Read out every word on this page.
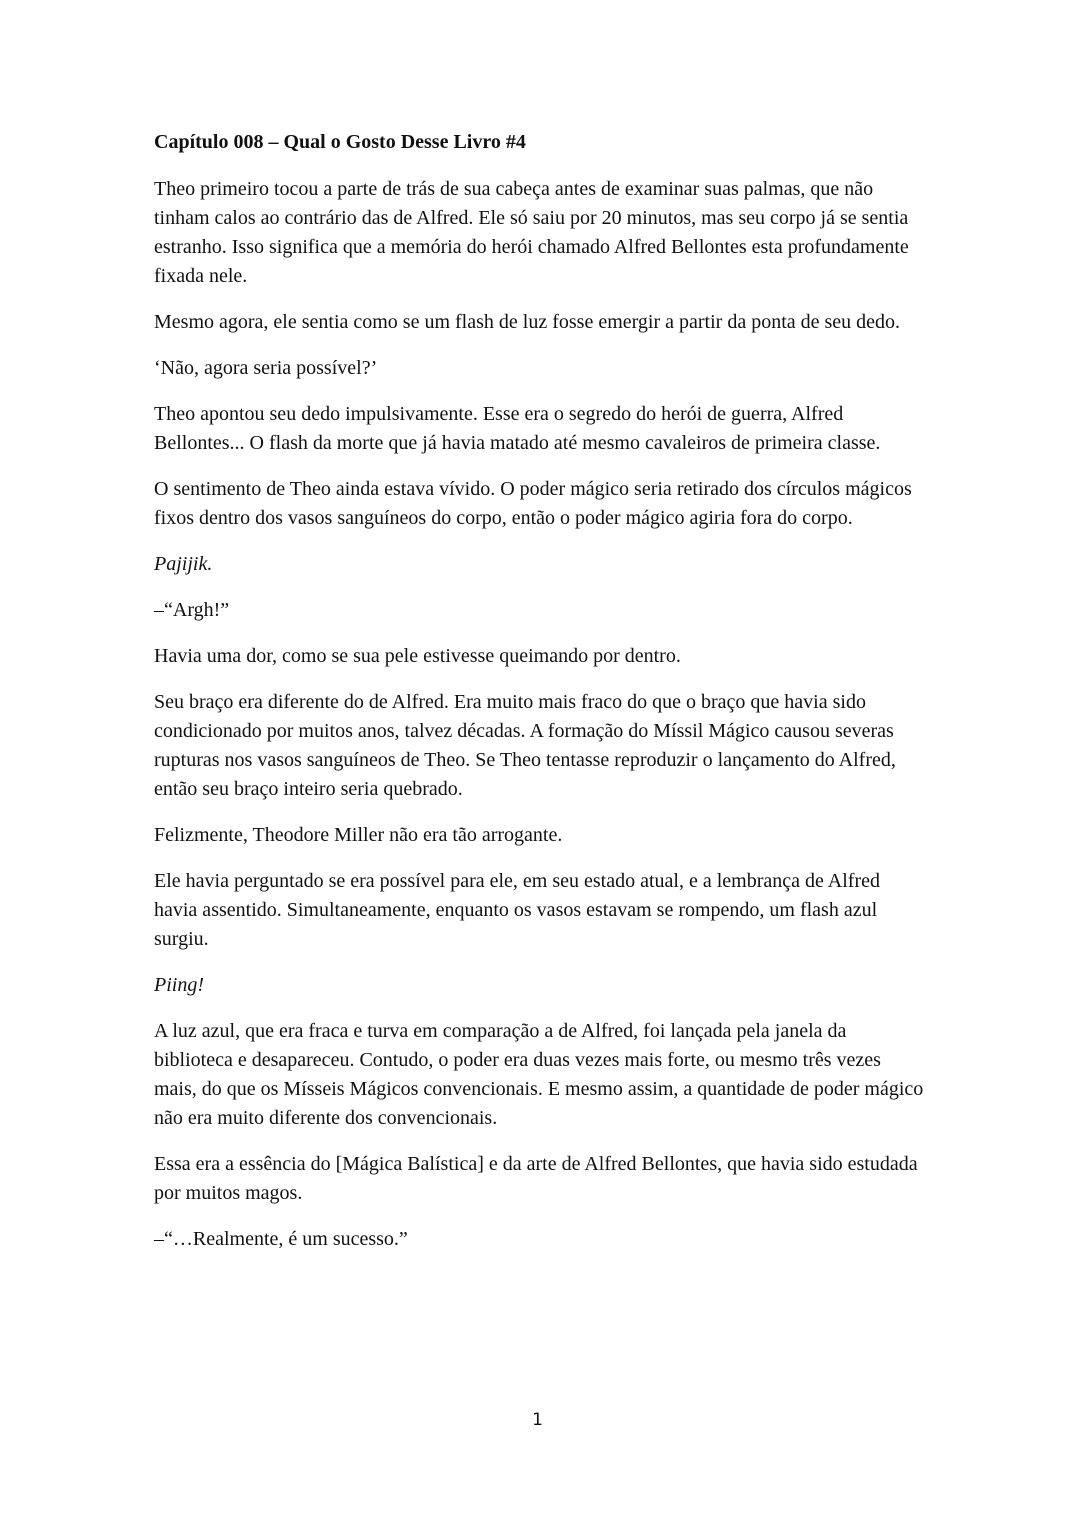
Capítulo 008 – Qual o Gosto Desse Livro #4

Theo primeiro tocou a parte de trás de sua cabeça antes de examinar suas palmas, que não tinham calos ao contrário das de Alfred. Ele só saiu por 20 minutos, mas seu corpo já se sentia estranho. Isso significa que a memória do herói chamado Alfred Bellontes esta profundamente fixada nele.

Mesmo agora, ele sentia como se um flash de luz fosse emergir a partir da ponta de seu dedo.

‘Não, agora seria possível?’

Theo apontou seu dedo impulsivamente. Esse era o segredo do herói de guerra, Alfred Bellontes... O flash da morte que já havia matado até mesmo cavaleiros de primeira classe.

O sentimento de Theo ainda estava vívido. O poder mágico seria retirado dos círculos mágicos fixos dentro dos vasos sanguíneos do corpo, então o poder mágico agiria fora do corpo.

Pajijik.

–“Argh!”

Havia uma dor, como se sua pele estivesse queimando por dentro.

Seu braço era diferente do de Alfred. Era muito mais fraco do que o braço que havia sido condicionado por muitos anos, talvez décadas. A formação do Míssil Mágico causou severas rupturas nos vasos sanguíneos de Theo. Se Theo tentasse reproduzir o lançamento do Alfred, então seu braço inteiro seria quebrado.

Felizmente, Theodore Miller não era tão arrogante.

Ele havia perguntado se era possível para ele, em seu estado atual, e a lembrança de Alfred havia assentido. Simultaneamente, enquanto os vasos estavam se rompendo, um flash azul surgiu.

Piing!

A luz azul, que era fraca e turva em comparação a de Alfred, foi lançada pela janela da biblioteca e desapareceu. Contudo, o poder era duas vezes mais forte, ou mesmo três vezes mais, do que os Mísseis Mágicos convencionais. E mesmo assim, a quantidade de poder mágico não era muito diferente dos convencionais.

Essa era a essência do [Mágica Balística] e da arte de Alfred Bellontes, que havia sido estudada por muitos magos.

–“…Realmente, é um sucesso.”

1
